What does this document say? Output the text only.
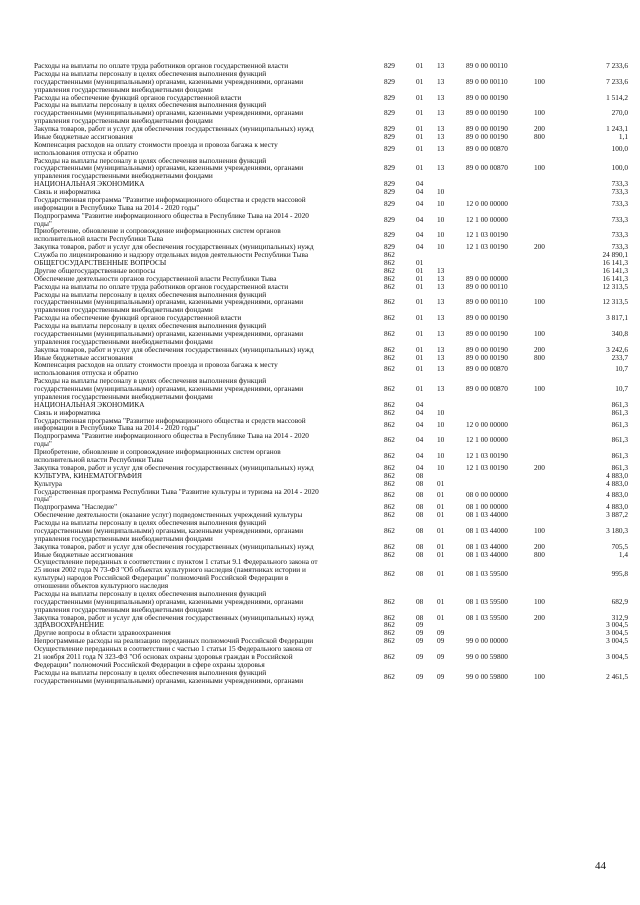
Расходы на выплаты по оплате труда работников органов государственной власти	829	01 13	89 0 00 00110	7 233,6
Расходы на выплаты персоналу в целях обеспечения выполнения функций
государственными (муниципальными) органами, казенными учреждениями, органами
управления государственными внебюджетными фондами
829	01 13	89 0 00 00110	100	7 233,6
Расходы на обеспечение функций органов государственной власти	829	01 13	89 0 00 00190	1 514,2
Расходы на выплаты персоналу в целях обеспечения выполнения функций
государственными (муниципальными) органами, казенными учреждениями, органами
управления государственными внебюджетными фондами
829	01 13	89 0 00 00190	100	270,0
Закупка товаров, работ и услуг для обеспечения государственных (муниципальных) нужд	829	01 13	89 0 00 00190	200	1 243,1
Иные бюджетные ассигнования	829	01 13	89 0 00 00190	800	1,1
Компенсация расходов на оплату стоимости проезда и провоза багажа к месту
использования отпуска и обратно	829	01 13	89 0 00 00870	100,0
Расходы на выплаты персоналу в целях обеспечения выполнения функций
государственными (муниципальными) органами, казенными учреждениями, органами
управления государственными внебюджетными фондами
829	01 13	89 0 00 00870	100	100,0
НАЦИОНАЛЬНАЯ ЭКОНОМИКА	829	04	733,3
Связь и информатика	829	04 10	733,3
Государственная программа "Развитие информационного общества и средств массовой
информации в Республике Тыва на 2014 - 2020 годы"	829	04 10	12 0 00 00000	733,3
Подпрограмма "Развитие информационного общества в Республике Тыва на 2014 - 2020
годы"	829	04 10	12 1 00 00000	733,3
Приобретение, обновление и сопровождение информационных систем органов
исполнительной власти Республики Тыва	829	04 10	12 1 03 00190	733,3
Закупка товаров, работ и услуг для обеспечения государственных (муниципальных) нужд	829	04 10	12 1 03 00190	200	733,3
Служба по лицензированию и надзору отдельных видов деятельности Республики Тыва	862	24 890,1
ОБЩЕГОСУДАРСТВЕННЫЕ ВОПРОСЫ	862	01	16 141,3
Другие общегосударственные вопросы	862	01 13	16 141,3
Обеспечение деятельности органов государственной власти Республики Тыва	862	01 13	89 0 00 00000	16 141,3
Расходы на выплаты по оплате труда работников органов государственной власти	862	01 13	89 0 00 00110	12 313,5
Расходы на выплаты персоналу в целях обеспечения выполнения функций
государственными (муниципальными) органами, казенными учреждениями, органами
управления государственными внебюджетными фондами
862	01 13	89 0 00 00110	100	12 313,5
Расходы на обеспечение функций органов государственной власти	862	01 13	89 0 00 00190	3 817,1
Расходы на выплаты персоналу в целях обеспечения выполнения функций
государственными (муниципальными) органами, казенными учреждениями, органами
управления государственными внебюджетными фондами
862	01 13	89 0 00 00190	100	340,8
Закупка товаров, работ и услуг для обеспечения государственных (муниципальных) нужд	862	01 13	89 0 00 00190	200	3 242,6
Иные бюджетные ассигнования	862	01 13	89 0 00 00190	800	233,7
Компенсация расходов на оплату стоимости проезда и провоза багажа к месту
использования отпуска и обратно	862	01 13	89 0 00 00870	10,7
Расходы на выплаты персоналу в целях обеспечения выполнения функций
государственными (муниципальными) органами, казенными учреждениями, органами
управления государственными внебюджетными фондами
862	01 13	89 0 00 00870	100	10,7
НАЦИОНАЛЬНАЯ ЭКОНОМИКА	862	04	861,3
Связь и информатика	862	04 10	861,3
Государственная программа "Развитие информационного общества и средств массовой
информации в Республике Тыва на 2014 - 2020 годы"	862	04 10	12 0 00 00000	861,3
Подпрограмма "Развитие информационного общества в Республике Тыва на 2014 - 2020
годы"	862	04 10	12 1 00 00000	861,3
Приобретение, обновление и сопровождение информационных систем органов
исполнительной власти Республики Тыва	862	04 10	12 1 03 00190	861,3
Закупка товаров, работ и услуг для обеспечения государственных (муниципальных) нужд	862	04 10	12 1 03 00190	200	861,3
КУЛЬТУРА, КИНЕМАТОГРАФИЯ	862	08	4 883,0
Культура	862	08 01	4 883,0
Государственная программа Республики Тыва "Развитие культуры и туризма на 2014 - 2020
годы"	862	08 01	08 0 00 00000	4 883,0
Подпрограмма "Наследие"	862	08 01	08 1 00 00000	4 883,0
Обеспечение деятельности (оказание услуг) подведомственных учреждений культуры	862	08 01	08 1 03 44000	3 887,2
Расходы на выплаты персоналу в целях обеспечения выполнения функций
государственными (муниципальными) органами, казенными учреждениями, органами
управления государственными внебюджетными фондами
862	08 01	08 1 03 44000	100	3 180,3
Закупка товаров, работ и услуг для обеспечения государственных (муниципальных) нужд	862	08 01	08 1 03 44000	200	705,5
Иные бюджетные ассигнования	862	08 01	08 1 03 44000	800	1,4
Осуществление переданных в соответствии с пунктом 1 статьи 9.1 Федерального закона от
25 июня 2002 года N 73-ФЗ "Об объектах культурного наследия (памятниках истории и
культуры) народов Российской Федерации" полномочий Российской Федерации в
отношении объектов культурного наследия
862	08 01	08 1 03 59500	995,8
Расходы на выплаты персоналу в целях обеспечения выполнения функций
государственными (муниципальными) органами, казенными учреждениями, органами
управления государственными внебюджетными фондами
862	08 01	08 1 03 59500	100	682,9
Закупка товаров, работ и услуг для обеспечения государственных (муниципальных) нужд	862	08 01	08 1 03 59500	200	312,9
ЗДРАВООХРАНЕНИЕ	862	09	3 004,5
Другие вопросы в области здравоохранения	862	09 09	3 004,5
Непрограммные расходы на реализацию переданных полномочий Российской Федерации	862	09 09	99 0 00 00000	3 004,5
Осуществление переданных в соответствии с частью 1 статьи 15 Федерального закона от
21 ноября 2011 года N 323-ФЗ "Об основах охраны здоровья граждан в Российской
Федерации" полномочий Российской Федерации в сфере охраны здоровья
862	09 09	99 0 00 59800	3 004,5
Расходы на выплаты персоналу в целях обеспечения выполнения функций
государственными (муниципальными) органами, казенными учреждениями, органами	862	09 09	99 0 00 59800	100	2 461,5
44
